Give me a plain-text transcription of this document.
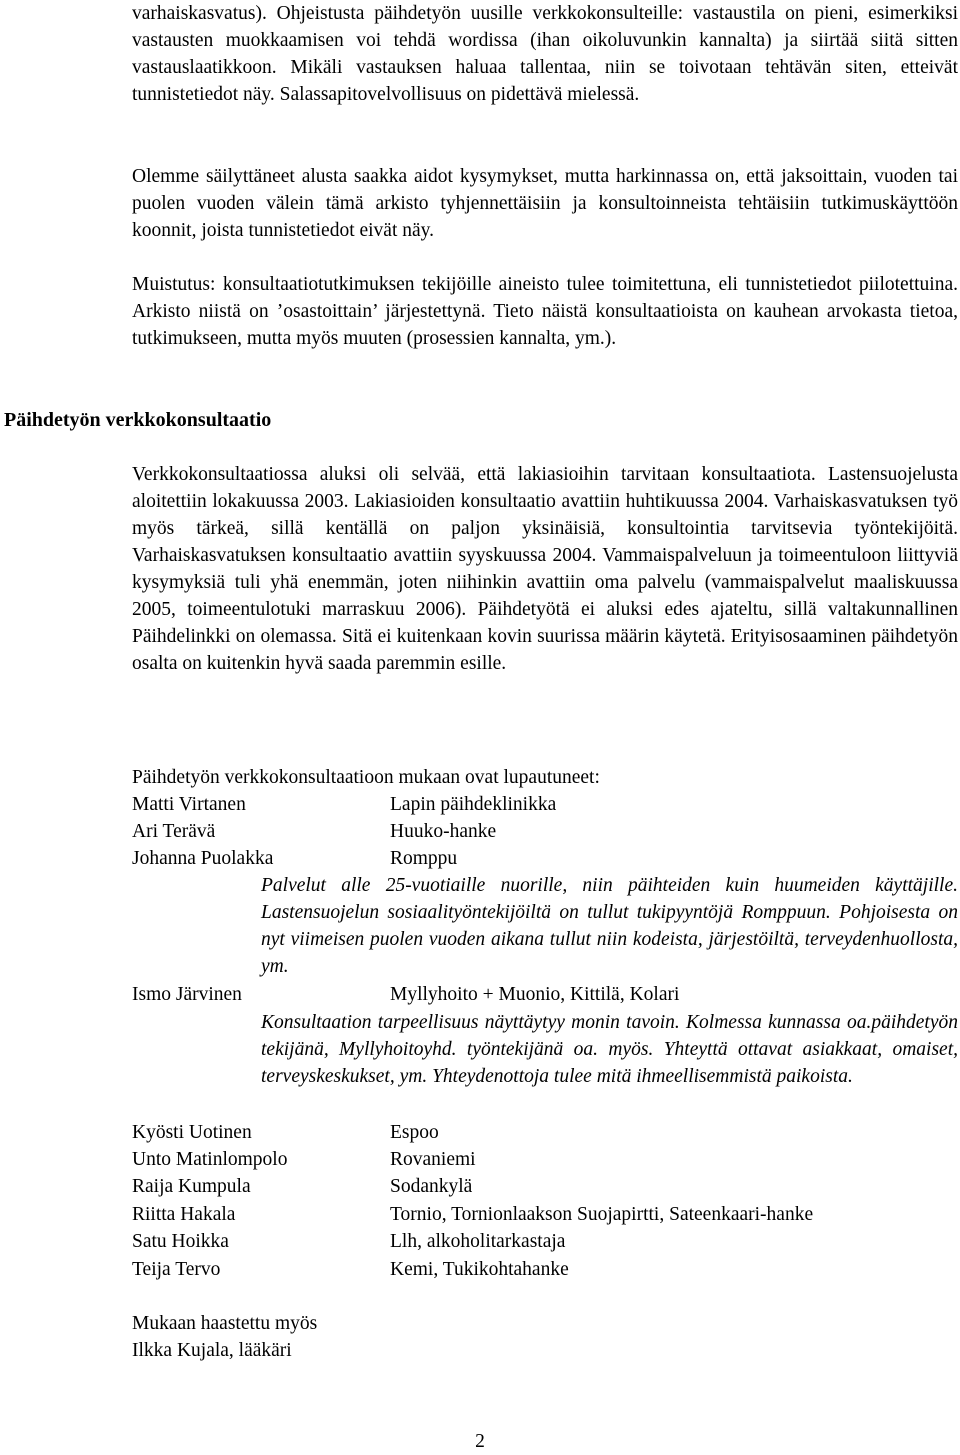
varhaiskasvatus). Ohjeistusta päihdetyön uusille verkkokonsulteille: vastaustila on pieni, esimerkiksi vastausten muokkaamisen voi tehdä wordissa (ihan oikoluvunkin kannalta) ja siirtää siitä sitten vastauslaatikkoon. Mikäli vastauksen haluaa tallentaa, niin se toivotaan tehtävän siten, etteivät tunnistetiedot näy. Salassapitovelvollisuus on pidettävä mielessä.

Olemme säilyttäneet alusta saakka aidot kysymykset, mutta harkinnassa on, että jaksoittain, vuoden tai puolen vuoden välein tämä arkisto tyhjennettäisiin ja konsultoinneista tehtäisiin tutkimuskäyttöön koonnit, joista tunnistetiedot eivät näy.

Muistutus: konsultaatiotutkimuksen tekijöille aineisto tulee toimitettuna, eli tunnistetiedot piilotettuina. Arkisto niistä on ’osastoittain’ järjestettynä. Tieto näistä konsultaatioista on kauhean arvokasta tietoa, tutkimukseen, mutta myös muuten (prosessien kannalta, ym.).

Päihdetyön verkkokonsultaatio

Verkkokonsultaatiossa aluksi oli selvää, että lakiasioihin tarvitaan konsultaatiota. Lastensuojelusta aloitettiin lokakuussa 2003. Lakiasioiden konsultaatio avattiin huhtikuussa 2004. Varhaiskasvatuksen työ myös tärkeä, sillä kentällä on paljon yksinäisiä, konsultointia tarvitsevia työntekijöitä. Varhaiskasvatuksen konsultaatio avattiin syyskuussa 2004. Vammaispalveluun ja toimeentuloon liittyviä kysymyksiä tuli yhä enemmän, joten niihinkin avattiin oma palvelu (vammaispalvelut maaliskuussa 2005, toimeentulotuki marraskuu 2006). Päihdetyötä ei aluksi edes ajateltu, sillä valtakunnallinen Päihdelinkki on olemassa. Sitä ei kuitenkaan kovin suurissa määrin käytetä. Erityisosaaminen päihdetyön osalta on kuitenkin hyvä saada paremmin esille.

Päihdetyön verkkokonsultaatioon mukaan ovat lupautuneet:

Matti Virtanen	Lapin päihdeklinikka
Ari Terävä	Huuko-hanke
Johanna Puolakka	Romppu

Palvelut alle 25-vuotiaille nuorille, niin päihteiden kuin huumeiden käyttäjille. Lastensuojelun sosiaalityöntekijöiltä on tullut tukipyyntöjä Romppuun. Pohjoisesta on nyt viimeisen puolen vuoden aikana tullut niin kodeista, järjestöiltä, terveydenhuollosta, ym.

Ismo Järvinen	Myllyhoito + Muonio, Kittilä, Kolari

Konsultaation tarpeellisuus näyttäytyy monin tavoin. Kolmessa kunnassa oa.päihdetyön tekijänä, Myllyhoitoyhd. työntekijänä oa. myös. Yhteyttä ottavat asiakkaat, omaiset, terveyskeskukset, ym. Yhteydenottoja tulee mitä ihmeellisemmistä paikoista.

Kyösti Uotinen	Espoo
Unto Matinlompolo	Rovaniemi
Raija Kumpula	Sodankylä
Riitta Hakala	Tornio, Tornionlaakson Suojapirtti, Sateenkaari-hanke
Satu Hoikka	Llh, alkoholitarkastaja
Teija Tervo	Kemi, Tukikohtahanke
Mukaan haastettu myös
Ilkka Kujala, lääkäri

2
